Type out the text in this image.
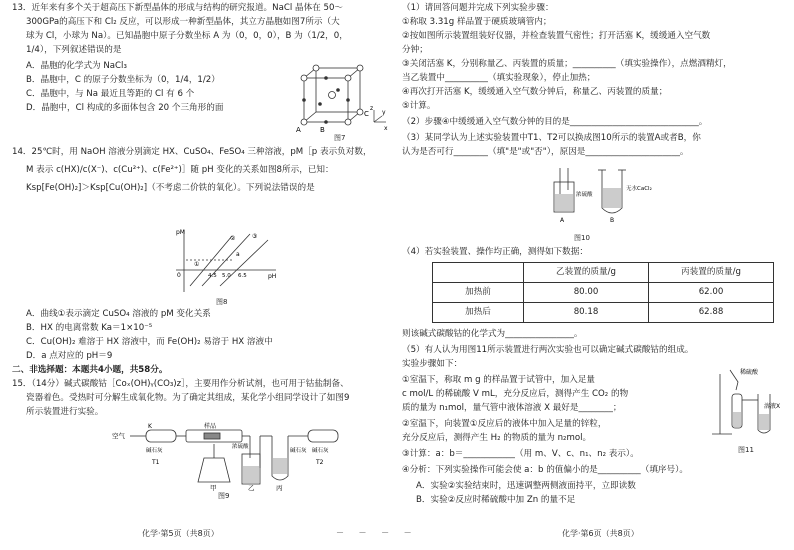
13．近年来有多个关于超高压下新型晶体的形成与结构的研究报道。NaCl 晶体在 50～
300GPa的高压下和 Cl₂ 反应，可以形成一种新型晶体，其立方晶胞如图7所示（大
球为 Cl，小球为 Na）。已知晶胞中原子分数坐标 A 为（0，0，0），B 为（1/2，0，
1/4），下列叙述错误的是
A．晶胞的化学式为 NaCl₃
B．晶胞中，C 的原子分数坐标为（0，1/4，1/2）
C．晶胞中，与 Na 最近且等距的 Cl 有 6 个
D．晶胞中，Cl 构成的多面体包含 20 个三角形的面
A	B
C
x
y
z
图7
14．25℃时，用 NaOH 溶液分别滴定 HX、CuSO₄、FeSO₄ 三种溶液，pM［p 表示负对数，
M 表示 c(HX)/c(X⁻)、c(Cu²⁺)、c(Fe²⁺)］随 pH 变化的关系如图8所示，已知：
Ksp[Fe(OH)₂]＞Ksp[Cu(OH)₂]（不考虑二价铁的氧化）。下列说法错误的是
pM
pH
0	4.5 5.0 6.5
a
①
②	③
图8
A．曲线①表示滴定 CuSO₄ 溶液的 pM 变化关系
B．HX 的电离常数 Ka＝1×10⁻⁵
C．Cu(OH)₂ 难溶于 HX 溶液中，而 Fe(OH)₂ 易溶于 HX 溶液中
D．a 点对应的 pH＝9
二、非选择题：本题共4小题，共58分。
15．（14分）碱式碳酸钴［Coₓ(OH)ᵧ(CO₃)z］，主要用作分析试剂，也可用于钴盐制备、
瓷器着色。受热时可分解生成氧化物。为了确定其组成，某化学小组同学设计了如图9
所示装置进行实验。
空气
K	样品
浓硫酸
碱石灰	碱石灰 碱石灰
T1
甲	乙	丙
T2
图9
化学·第5页（共8页）	－ － － －
（1）请回答问题并完成下列实验步骤：
①称取 3.31g 样品置于硬质玻璃管内；
②按如图所示装置组装好仪器，并检查装置气密性；打开活塞 K，缓缓通入空气数
分钟；
③关闭活塞 K，分别称量乙、丙装置的质量；__________（填实验操作），点燃酒精灯，
当乙装置中__________（填实验现象），停止加热；
④再次打开活塞 K，缓缓通入空气数分钟后，称量乙、丙装置的质量；
⑤计算。
（2）步骤④中缓缓通入空气数分钟的目的是______________________________。
（3）某同学认为上述实验装置中T1、T2可以换成图10所示的装置A或者B，你
认为是否可行________（填"是"或"否"），原因是______________________。
浓硫酸
A
无水CaCl₂
B
图10
（4）若实验装置、操作均正确，测得如下数据：
	乙装置的质量/g	丙装置的质量/g
加热前	80.00	62.00
加热后	80.18	62.88
则该碱式碳酸钴的化学式为________________。
（5）有人认为用图11所示装置进行两次实验也可以确定碱式碳酸钴的组成。
实验步骤如下：
①室温下，称取 m g 的样品置于试管中，加入足量
c mol/L 的稀硫酸 V mL，充分反应后，测得产生 CO₂ 的物
质的量为 n₁mol，量气管中液体溶液 X 最好是________；
②室温下，向装置①反应后的液体中加入足量的锌粒，
充分反应后，测得产生 H₂ 的物质的量为 n₂mol。
③计算：a：b＝____________（用 m、V、c、n₁、n₂ 表示）。
④分析：下列实验操作可能会使 a：b 的值偏小的是__________（填序号）。
A．实验②实验结束时，迅速调整两侧液面持平，立即读数
B．实验②反应时稀硫酸中加 Zn 的量不足
稀硫酸
溶液X
图11
化学·第6页（共8页）
